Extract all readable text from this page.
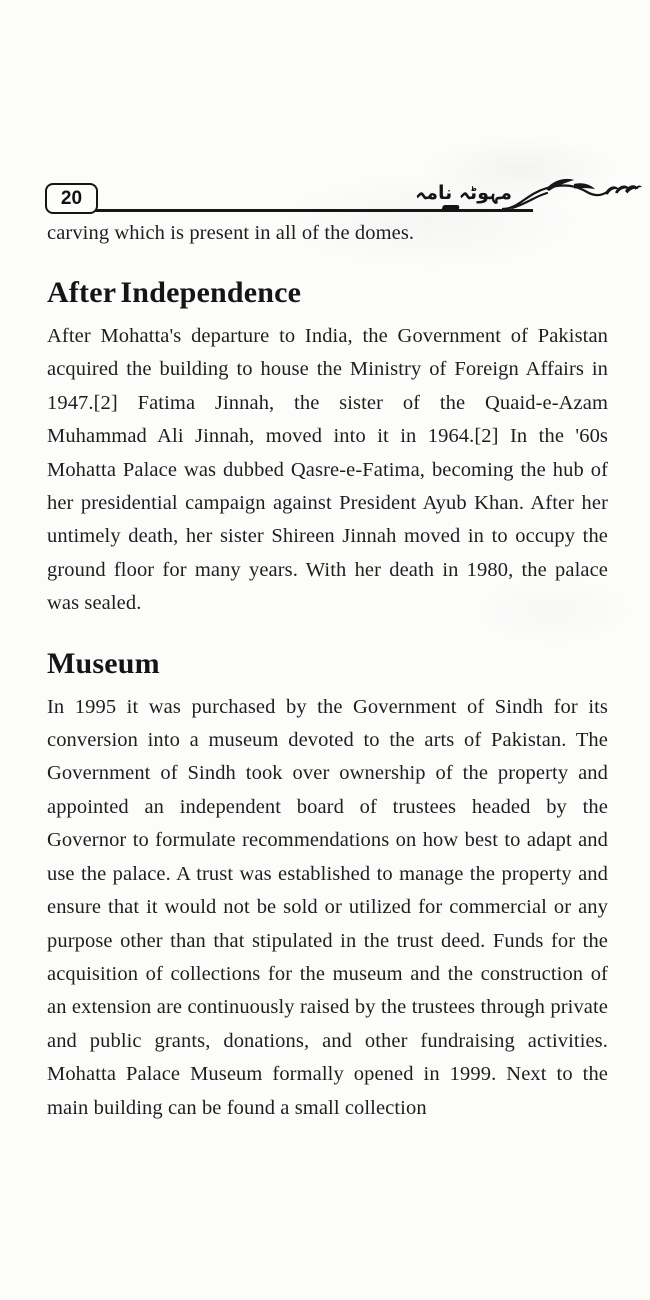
20	مہوٹہ نامہ

carving which is present in all of the domes.

After Independence

After Mohatta's departure to India, the Government of Pakistan acquired the building to house the Ministry of Foreign Affairs in 1947.[2] Fatima Jinnah, the sister of the Quaid-e-Azam Muhammad Ali Jinnah, moved into it in 1964.[2] In the '60s Mohatta Palace was dubbed Qasre-e-Fatima, becoming the hub of her presidential campaign against President Ayub Khan. After her untimely death, her sister Shireen Jinnah moved in to occupy the ground floor for many years. With her death in 1980, the palace was sealed.

Museum

In 1995 it was purchased by the Government of Sindh for its conversion into a museum devoted to the arts of Pakistan. The Government of Sindh took over ownership of the property and appointed an independent board of trustees headed by the Governor to formulate recommendations on how best to adapt and use the palace. A trust was established to manage the property and ensure that it would not be sold or utilized for commercial or any purpose other than that stipulated in the trust deed. Funds for the acquisition of collections for the museum and the construction of an extension are continuously raised by the trustees through private and public grants, donations, and other fundraising activities. Mohatta Palace Museum formally opened in 1999. Next to the main building can be found a small collection
